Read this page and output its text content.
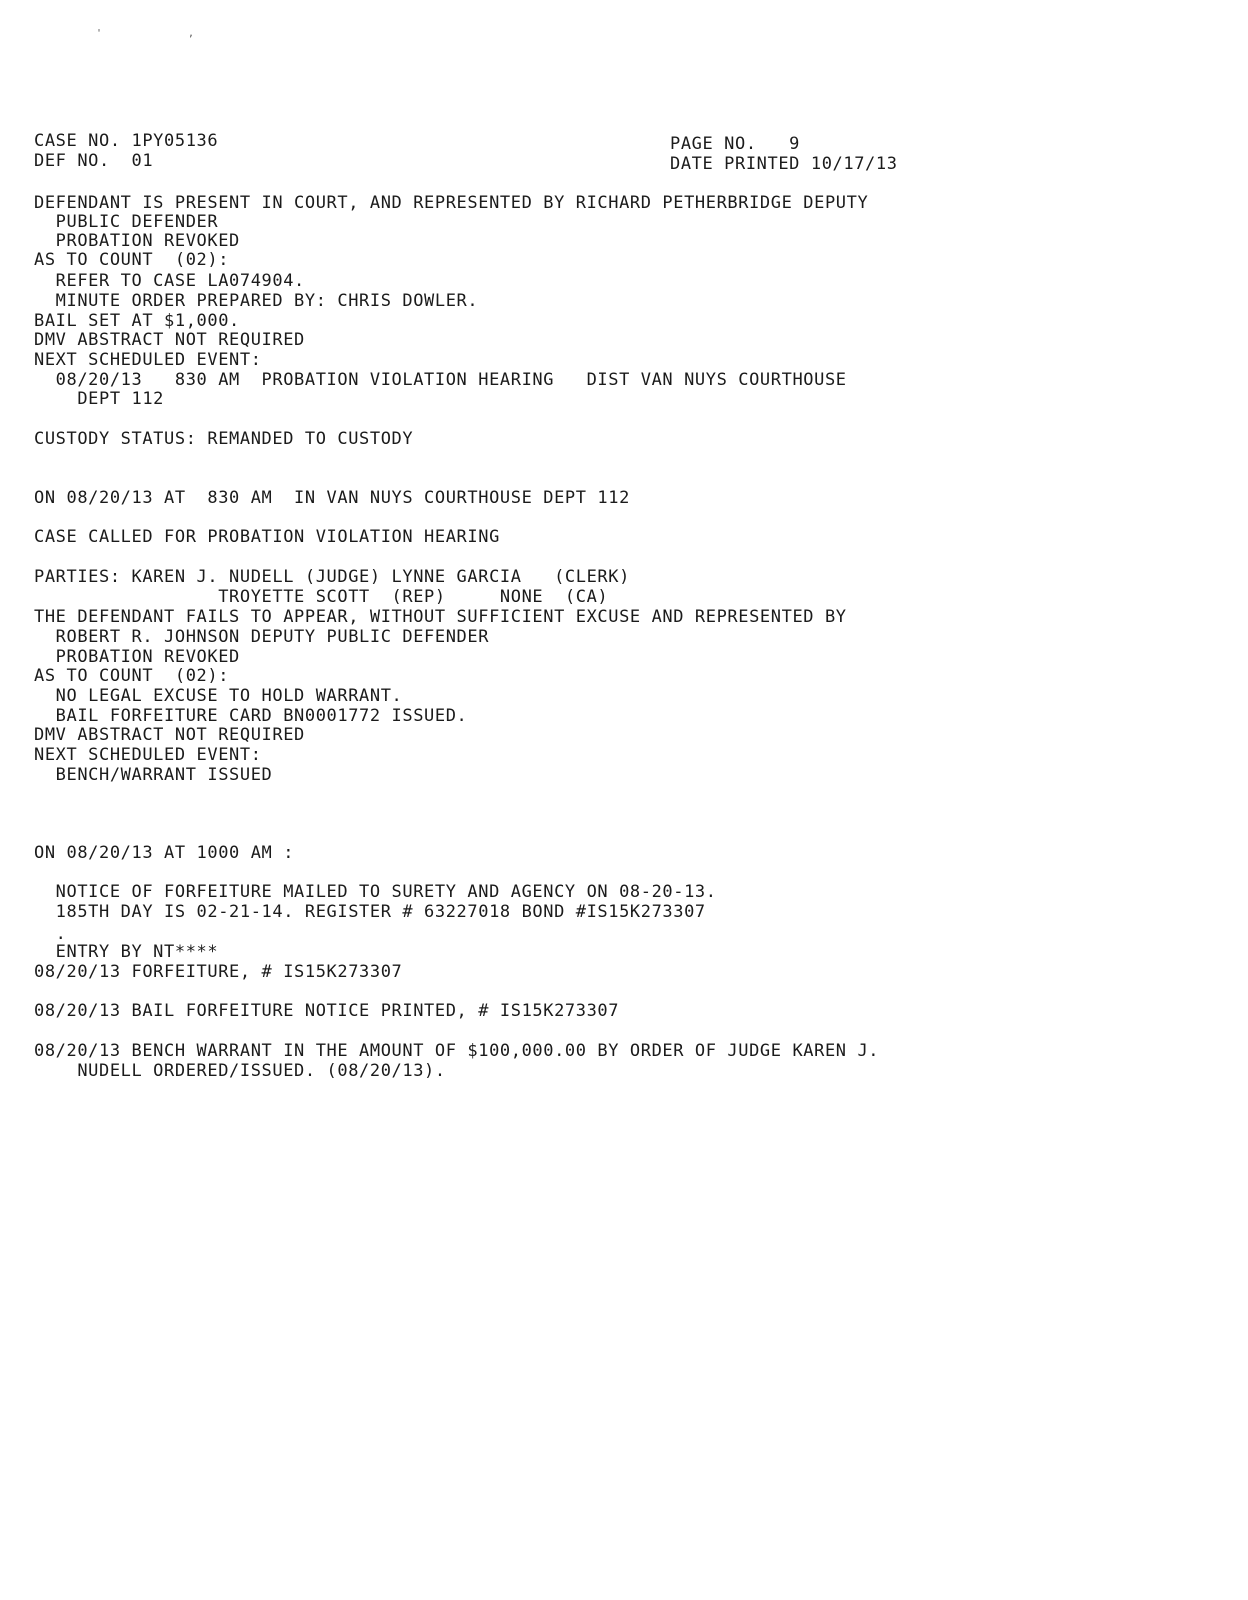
' ,
CASE NO. 1PY05136
DEF NO.  01
PAGE NO.   9
DATE PRINTED 10/17/13
DEFENDANT IS PRESENT IN COURT, AND REPRESENTED BY RICHARD PETHERBRIDGE DEPUTY
PUBLIC DEFENDER
PROBATION REVOKED
AS TO COUNT  (02):
REFER TO CASE LA074904.
MINUTE ORDER PREPARED BY: CHRIS DOWLER.
BAIL SET AT $1,000.
DMV ABSTRACT NOT REQUIRED
NEXT SCHEDULED EVENT:
08/20/13   830 AM  PROBATION VIOLATION HEARING   DIST VAN NUYS COURTHOUSE
DEPT 112
CUSTODY STATUS: REMANDED TO CUSTODY
ON 08/20/13 AT  830 AM  IN VAN NUYS COURTHOUSE DEPT 112
CASE CALLED FOR PROBATION VIOLATION HEARING
PARTIES: KAREN J. NUDELL (JUDGE) LYNNE GARCIA   (CLERK)
TROYETTE SCOTT  (REP)     NONE  (CA)
THE DEFENDANT FAILS TO APPEAR, WITHOUT SUFFICIENT EXCUSE AND REPRESENTED BY
ROBERT R. JOHNSON DEPUTY PUBLIC DEFENDER
PROBATION REVOKED
AS TO COUNT  (02):
NO LEGAL EXCUSE TO HOLD WARRANT.
BAIL FORFEITURE CARD BN0001772 ISSUED.
DMV ABSTRACT NOT REQUIRED
NEXT SCHEDULED EVENT:
BENCH/WARRANT ISSUED
ON 08/20/13 AT 1000 AM :
NOTICE OF FORFEITURE MAILED TO SURETY AND AGENCY ON 08-20-13.
185TH DAY IS 02-21-14. REGISTER # 63227018 BOND #IS15K273307
.
ENTRY BY NT****
08/20/13 FORFEITURE, # IS15K273307
08/20/13 BAIL FORFEITURE NOTICE PRINTED, # IS15K273307
08/20/13 BENCH WARRANT IN THE AMOUNT OF $100,000.00 BY ORDER OF JUDGE KAREN J.
NUDELL ORDERED/ISSUED. (08/20/13).
